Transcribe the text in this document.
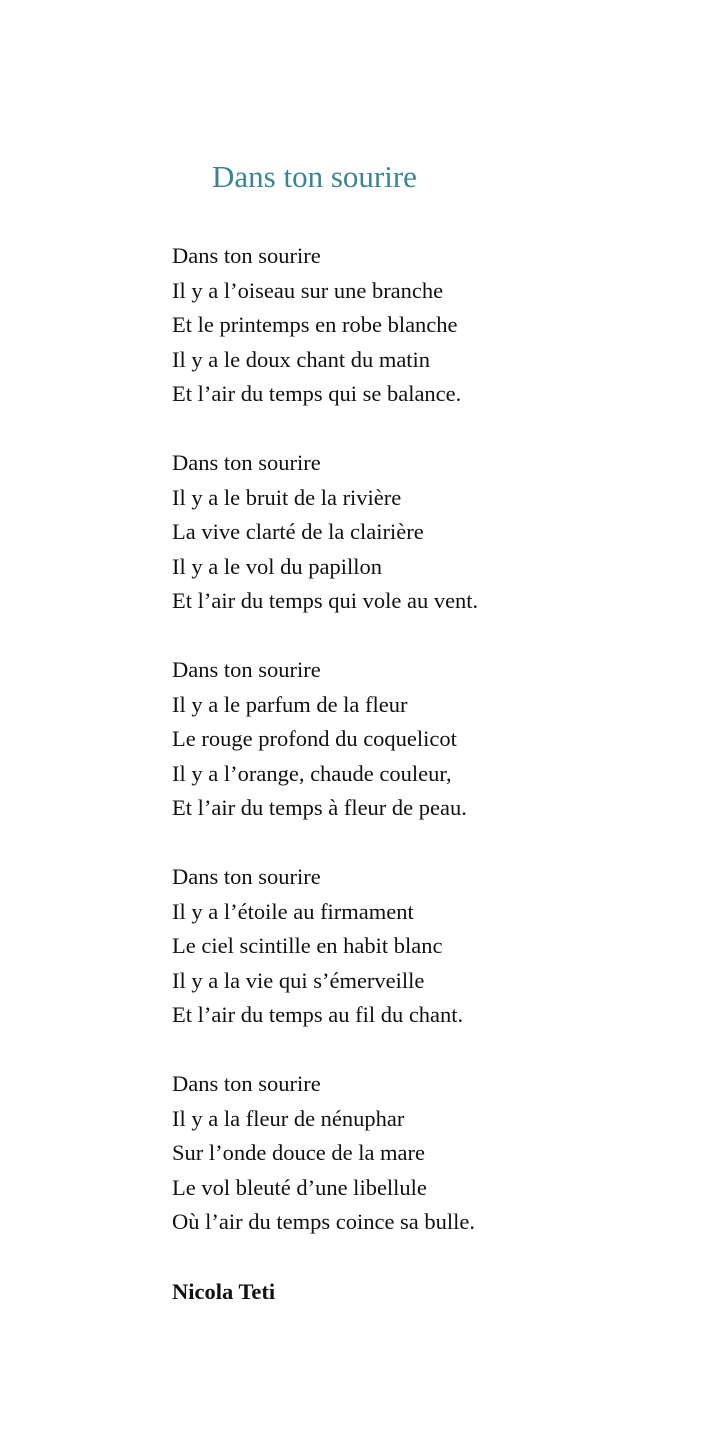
Dans ton sourire

Dans ton sourire
Il y a l’oiseau sur une branche
Et le printemps en robe blanche
Il y a le doux chant du matin
Et l’air du temps qui se balance.

Dans ton sourire
Il y a le bruit de la rivière
La vive clarté de la clairière
Il y a le vol du papillon
Et l’air du temps qui vole au vent.

Dans ton sourire
Il y a le parfum de la fleur
Le rouge profond du coquelicot
Il y a l’orange, chaude couleur,
Et l’air du temps à fleur de peau.

Dans ton sourire
Il y a l’étoile au firmament
Le ciel scintille en habit blanc
Il y a la vie qui s’émerveille
Et l’air du temps au fil du chant.

Dans ton sourire
Il y a la fleur de nénuphar
Sur l’onde douce de la mare
Le vol bleuté d’une libellule
Où l’air du temps coince sa bulle.

Nicola Teti
